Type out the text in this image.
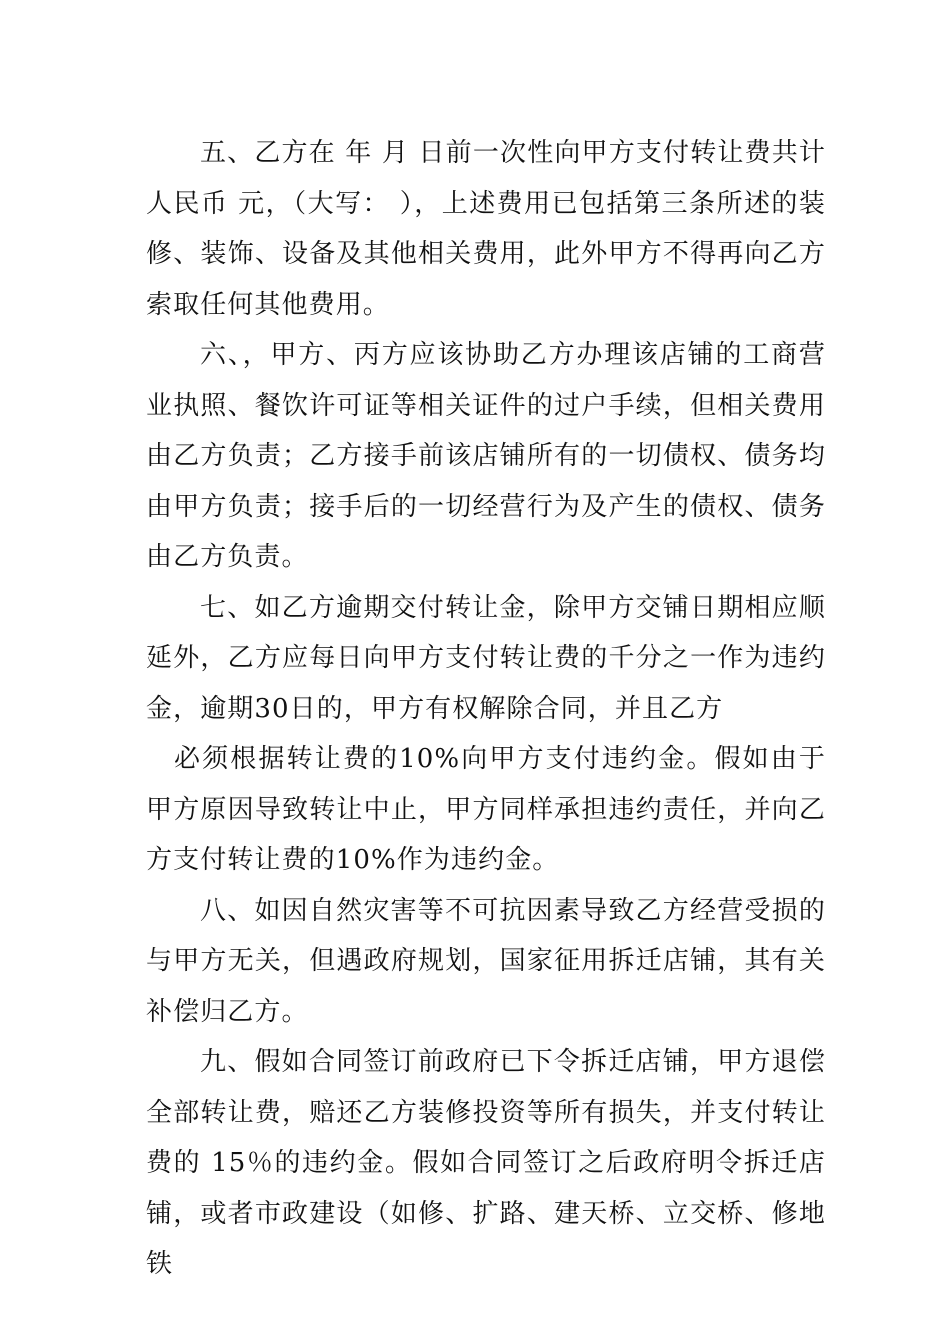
五、乙方在 年 月 日前一次性向甲方支付转让费共计人民币 元，（大写： ），上述费用已包括第三条所述的装修、装饰、设备及其他相关费用，此外甲方不得再向乙方索取任何其他费用。

六、，甲方、丙方应该协助乙方办理该店铺的工商营业执照、餐饮许可证等相关证件的过户手续，但相关费用由乙方负责；乙方接手前该店铺所有的一切债权、债务均由甲方负责；接手后的一切经营行为及产生的债权、债务由乙方负责。

七、如乙方逾期交付转让金，除甲方交铺日期相应顺延外，乙方应每日向甲方支付转让费的千分之一作为违约金，逾期30日的，甲方有权解除合同，并且乙方

必须根据转让费的10%向甲方支付违约金。假如由于甲方原因导致转让中止，甲方同样承担违约责任，并向乙方支付转让费的10%作为违约金。

八、如因自然灾害等不可抗因素导致乙方经营受损的与甲方无关，但遇政府规划，国家征用拆迁店铺，其有关补偿归乙方。

九、假如合同签订前政府已下令拆迁店铺，甲方退偿全部转让费，赔还乙方装修投资等所有损失，并支付转让费的 15％的违约金。假如合同签订之后政府明令拆迁店铺，或者市政建设（如修、扩路、建天桥、立交桥、修地铁
